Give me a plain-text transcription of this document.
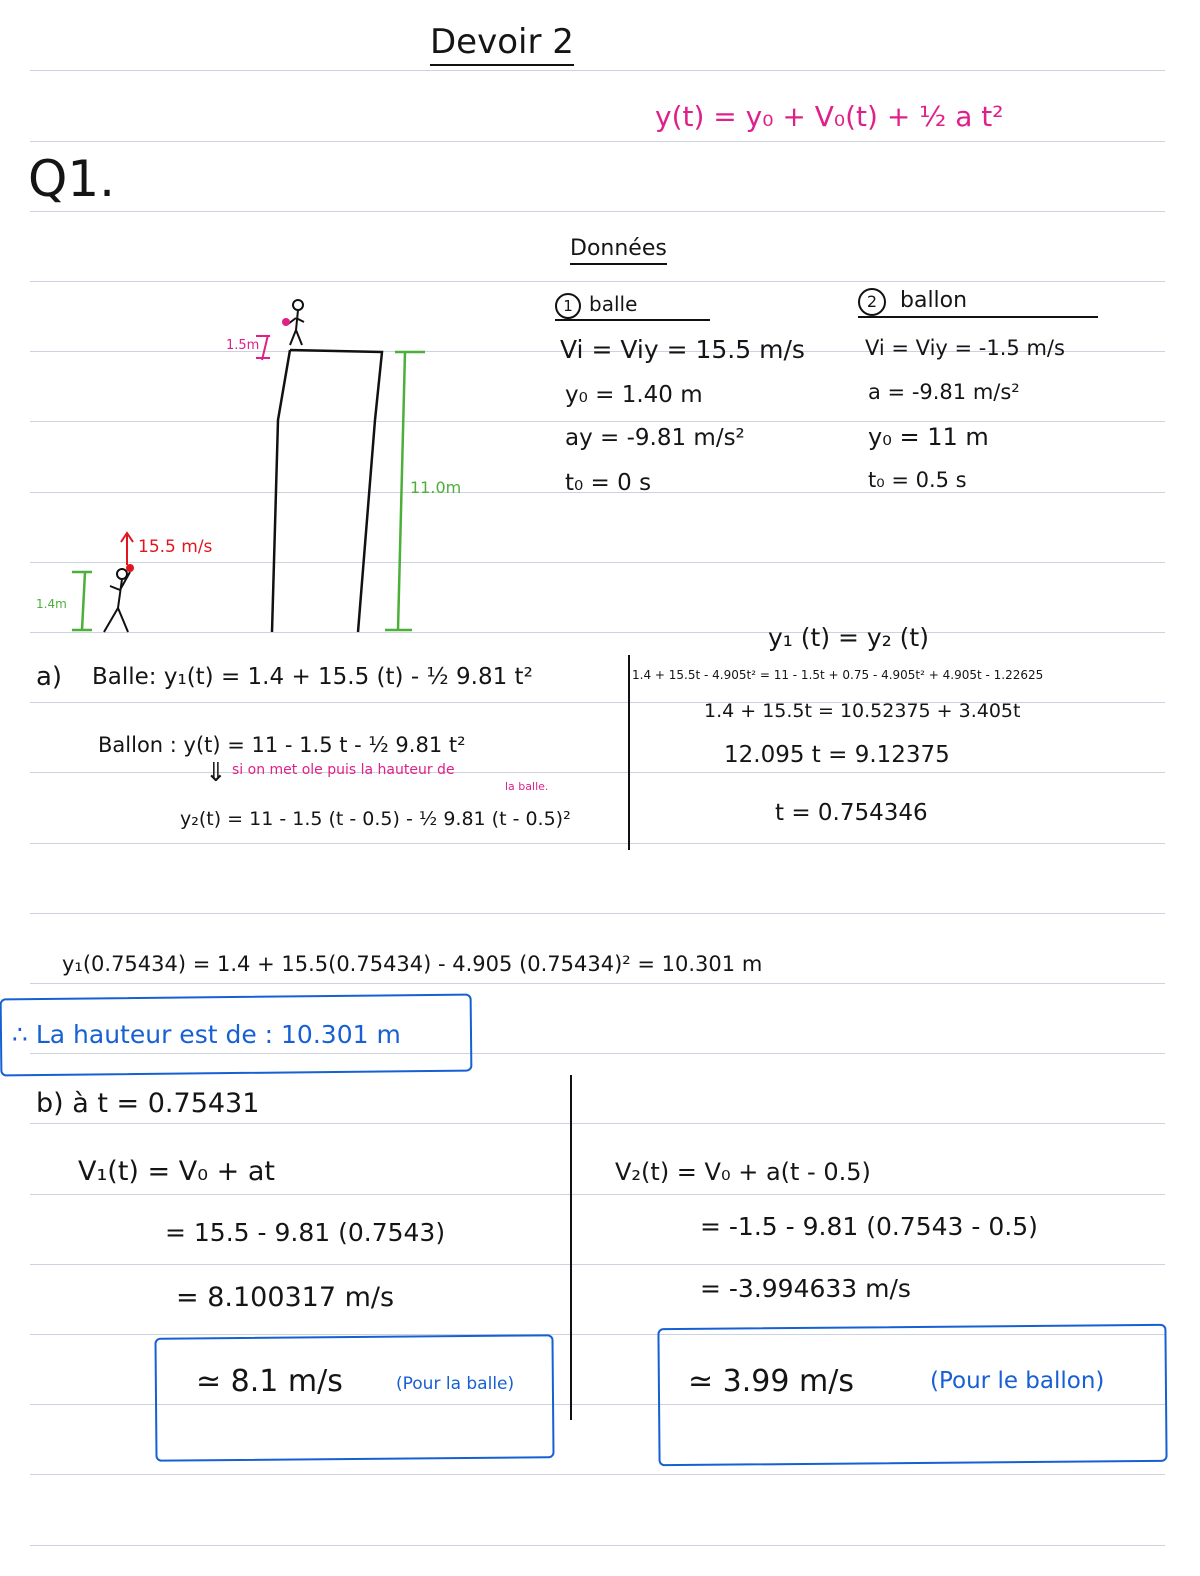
Devoir 2
y(t) = y₀ + V₀(t) + ½ a t²
Q1.
Données
1 balle
Vi = Viy = 15.5 m/s
y₀ = 1.40 m
ay = -9.81 m/s²
t₀ = 0 s
2 ballon
Vi = Viy = -1.5 m/s
a = -9.81 m/s²
y₀ = 11 m
t₀ = 0.5 s
1.5m
11.0m
1.4m
15.5 m/s
a) Balle: y₁(t) = 1.4 + 15.5 (t) - ½ 9.81 t²
Ballon : y(t) = 11 - 1.5 t - ½ 9.81 t²
si on met ole puis la hauteur de
la balle.
⇓
y₂(t) = 11 - 1.5 (t - 0.5) - ½ 9.81 (t - 0.5)²
y₁ (t) = y₂ (t)
1.4 + 15.5t - 4.905t² = 11 - 1.5t + 0.75 - 4.905t² + 4.905t - 1.22625
1.4 + 15.5t = 10.52375 + 3.405t
12.095 t = 9.12375
t = 0.754346
y₁(0.75434) = 1.4 + 15.5(0.75434) - 4.905 (0.75434)² = 10.301 m
∴ La hauteur est de : 10.301 m
b) à t = 0.75431
V₁(t) = V₀ + at
= 15.5 - 9.81 (0.7543)
= 8.100317 m/s
≃ 8.1 m/s	(Pour la balle)
V₂(t) = V₀ + a(t - 0.5)
= -1.5 - 9.81 (0.7543 - 0.5)
= -3.994633 m/s
≃ 3.99 m/s	(Pour le ballon)
